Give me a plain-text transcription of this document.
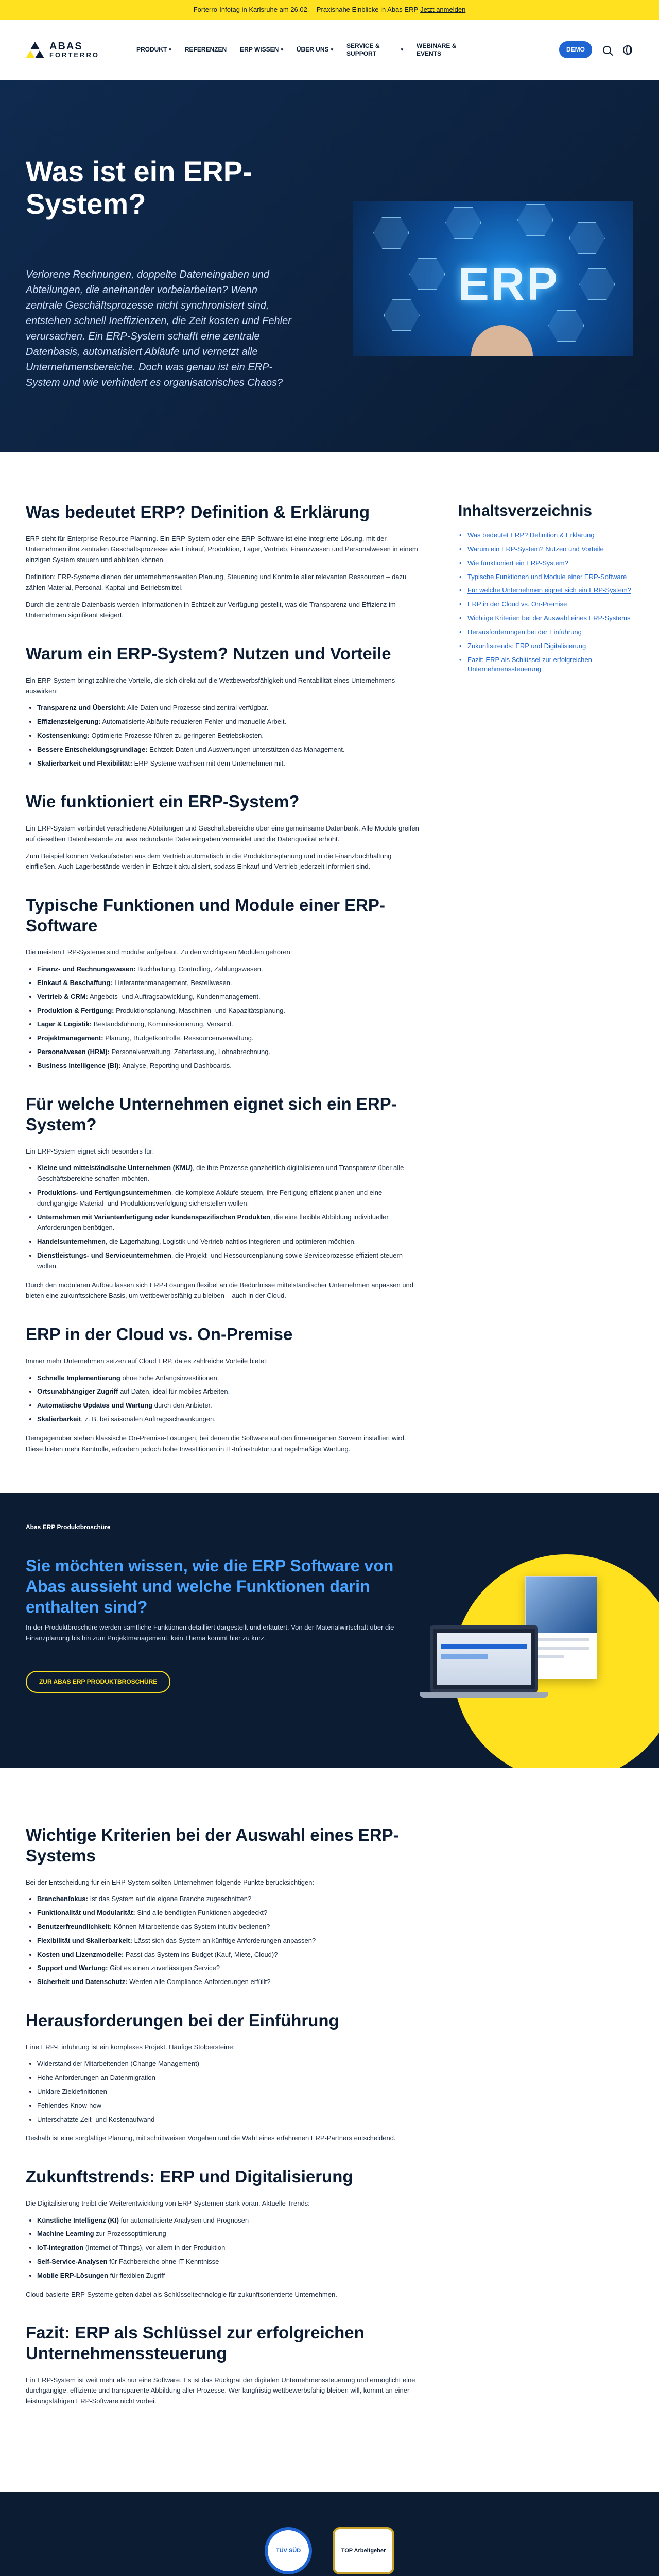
Forterro-Infotag in Karlsruhe am 26.02. – Praxisnahe Einblicke in Abas ERP Jetzt anmelden
ABAS
FORTERRO
PRODUKT ▾ REFERENZEN ERP WISSEN ▾ ÜBER UNS ▾
SERVICE & SUPPORT
▾
WEBINARE & EVENTS
DEMO
Was ist ein ERP-System?

Verlorene Rechnungen, doppelte Dateneingaben und Abteilungen, die aneinander vorbeiarbeiten? Wenn zentrale Geschäftsprozesse nicht synchronisiert sind, entstehen schnell Ineffizienzen, die Zeit kosten und Fehler verursachen. Ein ERP-System schafft eine zentrale Datenbasis, automatisiert Abläufe und vernetzt alle Unternehmensbereiche. Doch was genau ist ein ERP-System und wie verhindert es organisatorisches Chaos?

ERP
Was bedeutet ERP? Definition & Erklärung

ERP steht für Enterprise Resource Planning. Ein ERP-System oder eine ERP-Software ist eine integrierte Lösung, mit der Unternehmen ihre zentralen Geschäftsprozesse wie Einkauf, Produktion, Lager, Vertrieb, Finanzwesen und Personalwesen in einem einzigen System steuern und abbilden können.

Definition: ERP-Systeme dienen der unternehmensweiten Planung, Steuerung und Kontrolle aller relevanten Ressourcen – dazu zählen Material, Personal, Kapital und Betriebsmittel.

Durch die zentrale Datenbasis werden Informationen in Echtzeit zur Verfügung gestellt, was die Transparenz und Effizienz im Unternehmen signifikant steigert.

Warum ein ERP-System? Nutzen und Vorteile

Ein ERP-System bringt zahlreiche Vorteile, die sich direkt auf die Wettbewerbsfähigkeit und Rentabilität eines Unternehmens auswirken:

• Transparenz und Übersicht: Alle Daten und Prozesse sind zentral verfügbar.
• Effizienzsteigerung: Automatisierte Abläufe reduzieren Fehler und manuelle Arbeit.
• Kostensenkung: Optimierte Prozesse führen zu geringeren Betriebskosten.
• Bessere Entscheidungsgrundlage: Echtzeit-Daten und Auswertungen unterstützen das Management.
• Skalierbarkeit und Flexibilität: ERP-Systeme wachsen mit dem Unternehmen mit.
Wie funktioniert ein ERP-System?

Ein ERP-System verbindet verschiedene Abteilungen und Geschäftsbereiche über eine gemeinsame Datenbank. Alle Module greifen auf dieselben Datenbestände zu, was redundante Dateneingaben vermeidet und die Datenqualität erhöht.

Zum Beispiel können Verkaufsdaten aus dem Vertrieb automatisch in die Produktionsplanung und in die Finanzbuchhaltung einfließen. Auch Lagerbestände werden in Echtzeit aktualisiert, sodass Einkauf und Vertrieb jederzeit informiert sind.

Typische Funktionen und Module einer ERP-Software

Die meisten ERP-Systeme sind modular aufgebaut. Zu den wichtigsten Modulen gehören:

• Finanz- und Rechnungswesen: Buchhaltung, Controlling, Zahlungswesen.
• Einkauf & Beschaffung: Lieferantenmanagement, Bestellwesen.
• Vertrieb & CRM: Angebots- und Auftragsabwicklung, Kundenmanagement.
• Produktion & Fertigung: Produktionsplanung, Maschinen- und Kapazitätsplanung.
• Lager & Logistik: Bestandsführung, Kommissionierung, Versand.
• Projektmanagement: Planung, Budgetkontrolle, Ressourcenverwaltung.
• Personalwesen (HRM): Personalverwaltung, Zeiterfassung, Lohnabrechnung.
• Business Intelligence (BI): Analyse, Reporting und Dashboards.
Für welche Unternehmen eignet sich ein ERP-System?

Ein ERP-System eignet sich besonders für:

• Kleine und mittelständische Unternehmen (KMU), die ihre Prozesse ganzheitlich digitalisieren und Transparenz über alle Geschäftsbereiche schaffen möchten.
• Produktions- und Fertigungsunternehmen, die komplexe Abläufe steuern, ihre Fertigung effizient planen und eine durchgängige Material- und Produktionsverfolgung sicherstellen wollen.
• Unternehmen mit Variantenfertigung oder kundenspezifischen Produkten, die eine flexible Abbildung individueller Anforderungen benötigen.
• Handelsunternehmen, die Lagerhaltung, Logistik und Vertrieb nahtlos integrieren und optimieren möchten.
• Dienstleistungs- und Serviceunternehmen, die Projekt- und Ressourcenplanung sowie Serviceprozesse effizient steuern wollen.

Durch den modularen Aufbau lassen sich ERP-Lösungen flexibel an die Bedürfnisse mittelständischer Unternehmen anpassen und bieten eine zukunftssichere Basis, um wettbewerbsfähig zu bleiben – auch in der Cloud.

ERP in der Cloud vs. On-Premise

Immer mehr Unternehmen setzen auf Cloud ERP, da es zahlreiche Vorteile bietet:

• Schnelle Implementierung ohne hohe Anfangsinvestitionen.
• Ortsunabhängiger Zugriff auf Daten, ideal für mobiles Arbeiten.
• Automatische Updates und Wartung durch den Anbieter.
• Skalierbarkeit, z. B. bei saisonalen Auftragsschwankungen.

Demgegenüber stehen klassische On-Premise-Lösungen, bei denen die Software auf den firmeneigenen Servern installiert wird. Diese bieten mehr Kontrolle, erfordern jedoch hohe Investitionen in IT-Infrastruktur und regelmäßige Wartung.

Inhaltsverzeichnis
• Was bedeutet ERP? Definition & Erklärung
• Warum ein ERP-System? Nutzen und Vorteile
• Wie funktioniert ein ERP-System?
• Typische Funktionen und Module einer ERP-Software
• Für welche Unternehmen eignet sich ein ERP-System?
• ERP in der Cloud vs. On-Premise
• Wichtige Kriterien bei der Auswahl eines ERP-Systems
• Herausforderungen bei der Einführung
• Zukunftstrends: ERP und Digitalisierung
• Fazit: ERP als Schlüssel zur erfolgreichen Unternehmenssteuerung
Abas ERP Produktbroschüre
Sie möchten wissen, wie die ERP Software von Abas aussieht und welche Funktionen darin enthalten sind?

In der Produktbroschüre werden sämtliche Funktionen detailliert dargestellt und erläutert. Von der Materialwirtschaft über die Finanzplanung bis hin zum Projektmanagement, kein Thema kommt hier zu kurz.

ZUR ABAS ERP PRODUKTBROSCHÜRE
Wichtige Kriterien bei der Auswahl eines ERP-Systems

Bei der Entscheidung für ein ERP-System sollten Unternehmen folgende Punkte berücksichtigen:

• Branchenfokus: Ist das System auf die eigene Branche zugeschnitten?
• Funktionalität und Modularität: Sind alle benötigten Funktionen abgedeckt?
• Benutzerfreundlichkeit: Können Mitarbeitende das System intuitiv bedienen?
• Flexibilität und Skalierbarkeit: Lässt sich das System an künftige Anforderungen anpassen?
• Kosten und Lizenzmodelle: Passt das System ins Budget (Kauf, Miete, Cloud)?
• Support und Wartung: Gibt es einen zuverlässigen Service?
• Sicherheit und Datenschutz: Werden alle Compliance-Anforderungen erfüllt?
Herausforderungen bei der Einführung

Eine ERP-Einführung ist ein komplexes Projekt. Häufige Stolpersteine:

• Widerstand der Mitarbeitenden (Change Management)
• Hohe Anforderungen an Datenmigration
• Unklare Zieldefinitionen
• Fehlendes Know-how
• Unterschätzte Zeit- und Kostenaufwand

Deshalb ist eine sorgfältige Planung, mit schrittweisen Vorgehen und die Wahl eines erfahrenen ERP-Partners entscheidend.

Zukunftstrends: ERP und Digitalisierung

Die Digitalisierung treibt die Weiterentwicklung von ERP-Systemen stark voran. Aktuelle Trends:

• Künstliche Intelligenz (KI) für automatisierte Analysen und Prognosen
• Machine Learning zur Prozessoptimierung
• IoT-Integration (Internet of Things), vor allem in der Produktion
• Self-Service-Analysen für Fachbereiche ohne IT-Kenntnisse
• Mobile ERP-Lösungen für flexiblen Zugriff

Cloud-basierte ERP-Systeme gelten dabei als Schlüsseltechnologie für zukunftsorientierte Unternehmen.

Fazit: ERP als Schlüssel zur erfolgreichen Unternehmenssteuerung

Ein ERP-System ist weit mehr als nur eine Software. Es ist das Rückgrat der digitalen Unternehmenssteuerung und ermöglicht eine durchgängige, effiziente und transparente Abbildung aller Prozesse. Wer langfristig wettbewerbsfähig bleiben will, kommt an einer leistungsfähigen ERP-Software nicht vorbei.

TÜV SÜD	TOP Arbeitgeber
